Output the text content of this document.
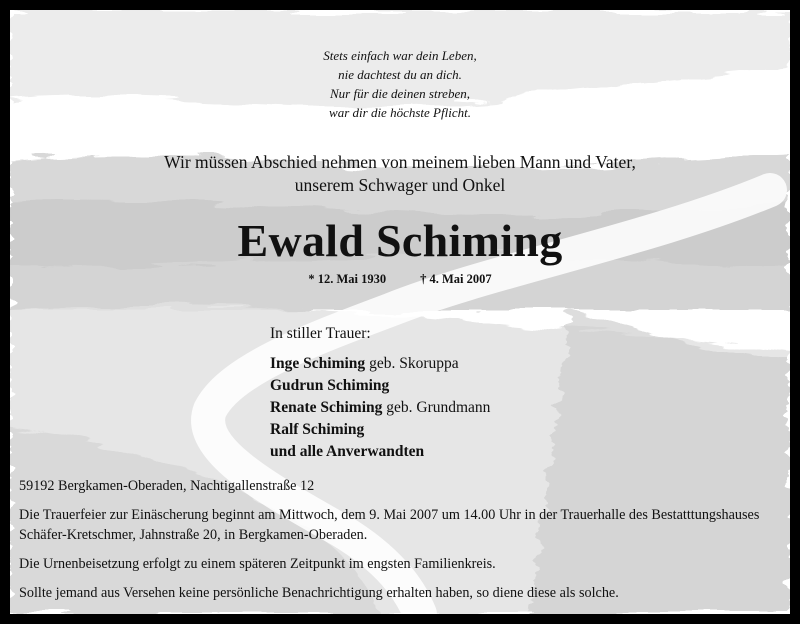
Stets einfach war dein Leben,
nie dachtest du an dich.
Nur für die deinen streben,
war dir die höchste Pflicht.
Wir müssen Abschied nehmen von meinem lieben Mann und Vater,
unserem Schwager und Onkel
Ewald Schiming
* 12. Mai 1930	† 4. Mai 2007
In stiller Trauer:
Inge Schiming geb. Skoruppa
Gudrun Schiming
Renate Schiming geb. Grundmann
Ralf Schiming
und alle Anverwandten

59192 Bergkamen-Oberaden, Nachtigallenstraße 12

Die Trauerfeier zur Einäscherung beginnt am Mittwoch, dem 9. Mai 2007 um 14.00 Uhr in der Trauerhalle des Bestatttungshauses Schäfer-Kretschmer, Jahnstraße 20, in Bergkamen-Oberaden.

Die Urnenbeisetzung erfolgt zu einem späteren Zeitpunkt im engsten Familienkreis.

Sollte jemand aus Versehen keine persönliche Benachrichtigung erhalten haben, so diene diese als solche.
